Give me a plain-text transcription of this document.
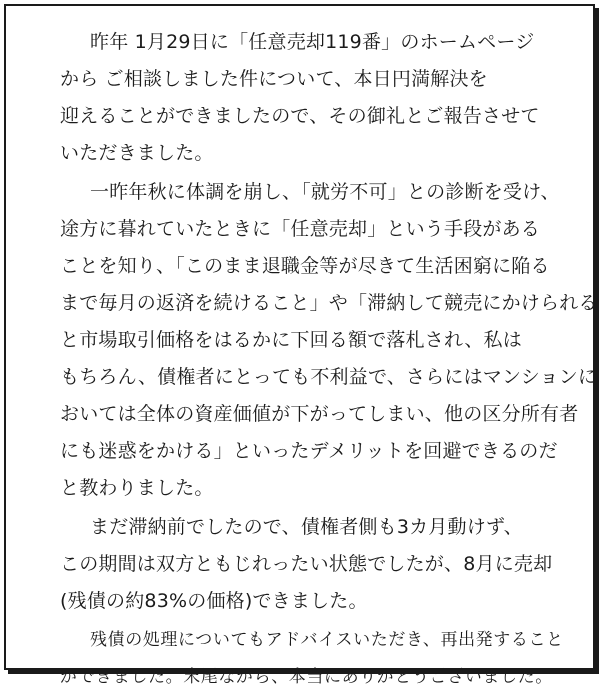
昨年 1月29日に「任意売却119番」のホームページ
から ご相談しました件について、本日円満解決を
迎えることができましたので、その御礼とご報告させて
いただきました。
一昨年秋に体調を崩し、「就労不可」との診断を受け、
途方に暮れていたときに「任意売却」という手段がある
ことを知り、「このまま退職金等が尽きて生活困窮に陥る
まで毎月の返済を続けること」や「滞納して競売にかけられる
と市場取引価格をはるかに下回る額で落札され、私は
もちろん、債権者にとっても不利益で、さらにはマンションに
おいては全体の資産価値が下がってしまい、他の区分所有者
にも迷惑をかける」といったデメリットを回避できるのだ
と教わりました。
まだ滞納前でしたので、債権者側も3カ月動けず、
この期間は双方ともじれったい状態でしたが、8月に売却
(残債の約83%の価格)できました。
残債の処理についてもアドバイスいただき、再出発すること
ができました。末尾ながら、本当にありがとうございました。
